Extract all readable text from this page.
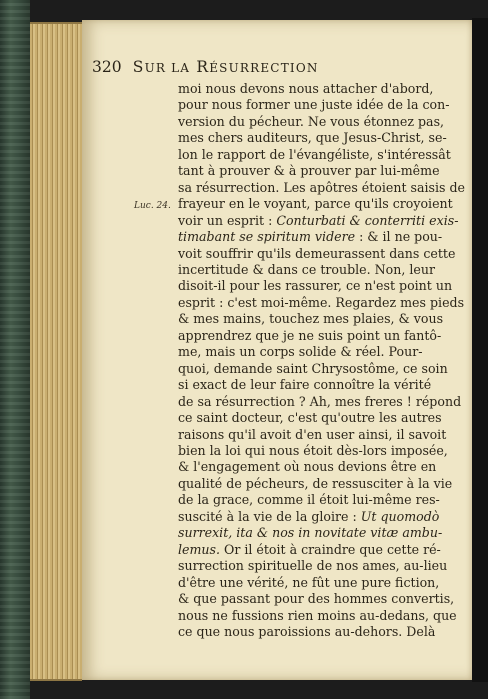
320 SUR LA RÉSURRECTION
Luc. 24.
moi nous devons nous attacher d'abord,
pour nous former une juste idée de la con-
version du pécheur. Ne vous étonnez pas,
mes chers auditeurs, que Jesus-Christ, se-
lon le rapport de l'évangéliste, s'intéressât
tant à prouver & à prouver par lui-même
sa résurrection. Les apôtres étoient saisis de
frayeur en le voyant, parce qu'ils croyoient
voir un esprit : Conturbati & conterriti exis-
timabant se spiritum videre : & il ne pou-
voit souffrir qu'ils demeurassent dans cette
incertitude & dans ce trouble. Non, leur
disoit-il pour les rassurer, ce n'est point un
esprit : c'est moi-même. Regardez mes pieds
& mes mains, touchez mes plaies, & vous
apprendrez que je ne suis point un fantô-
me, mais un corps solide & réel. Pour-
quoi, demande saint Chrysostôme, ce soin
si exact de leur faire connoître la vérité
de sa résurrection ? Ah, mes freres ! répond
ce saint docteur, c'est qu'outre les autres
raisons qu'il avoit d'en user ainsi, il savoit
bien la loi qui nous étoit dès-lors imposée,
& l'engagement où nous devions être en
qualité de pécheurs, de ressusciter à la vie
de la grace, comme il étoit lui-même res-
suscité à la vie de la gloire : Ut quomodò
surrexit, ita & nos in novitate vitæ ambu-
lemus. Or il étoit à craindre que cette ré-
surrection spirituelle de nos ames, au-lieu
d'être une vérité, ne fût une pure fiction,
& que passant pour des hommes convertis,
nous ne fussions rien moins au-dedans, que
ce que nous paroissions au-dehors. Delà
